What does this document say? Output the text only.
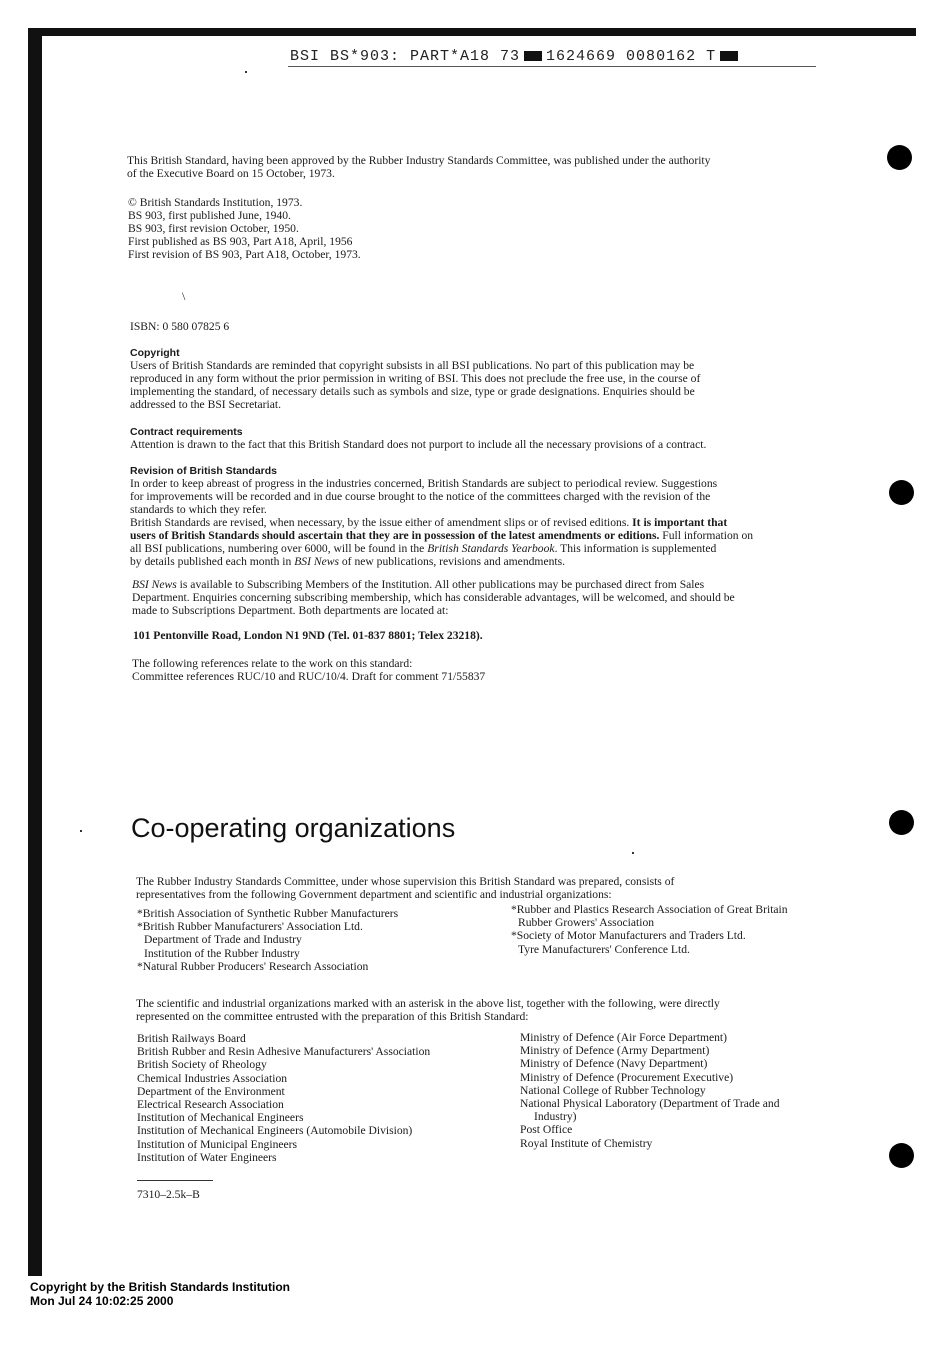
BSI BS*903: PART*A18 73 1624669 0080162 T
This British Standard, having been approved by the Rubber Industry Standards Committee, was published under the authority
of the Executive Board on 15 October, 1973.
© British Standards Institution, 1973.
BS 903, first published June, 1940.
BS 903, first revision October, 1950.
First published as BS 903, Part A18, April, 1956
First revision of BS 903, Part A18, October, 1973.
\
ISBN: 0 580 07825 6
Copyright
Users of British Standards are reminded that copyright subsists in all BSI publications. No part of this publication may be
reproduced in any form without the prior permission in writing of BSI. This does not preclude the free use, in the course of
implementing the standard, of necessary details such as symbols and size, type or grade designations. Enquiries should be
addressed to the BSI Secretariat.
Contract requirements
Attention is drawn to the fact that this British Standard does not purport to include all the necessary provisions of a contract.
Revision of British Standards
In order to keep abreast of progress in the industries concerned, British Standards are subject to periodical review. Suggestions
for improvements will be recorded and in due course brought to the notice of the committees charged with the revision of the
standards to which they refer.
British Standards are revised, when necessary, by the issue either of amendment slips or of revised editions. It is important that
users of British Standards should ascertain that they are in possession of the latest amendments or editions. Full information on
all BSI publications, numbering over 6000, will be found in the British Standards Yearbook. This information is supplemented
by details published each month in BSI News of new publications, revisions and amendments.
BSI News is available to Subscribing Members of the Institution. All other publications may be purchased direct from Sales
Department. Enquiries concerning subscribing membership, which has considerable advantages, will be welcomed, and should be
made to Subscriptions Department. Both departments are located at:
101 Pentonville Road, London N1 9ND (Tel. 01-837 8801; Telex 23218).
The following references relate to the work on this standard:
Committee references RUC/10 and RUC/10/4. Draft for comment 71/55837
Co-operating organizations
The Rubber Industry Standards Committee, under whose supervision this British Standard was prepared, consists of
representatives from the following Government department and scientific and industrial organizations:
*British Association of Synthetic Rubber Manufacturers
*British Rubber Manufacturers' Association Ltd.
Department of Trade and Industry
Institution of the Rubber Industry
*Natural Rubber Producers' Research Association
*Rubber and Plastics Research Association of Great Britain
Rubber Growers' Association
*Society of Motor Manufacturers and Traders Ltd.
Tyre Manufacturers' Conference Ltd.
The scientific and industrial organizations marked with an asterisk in the above list, together with the following, were directly
represented on the committee entrusted with the preparation of this British Standard:
British Railways Board
British Rubber and Resin Adhesive Manufacturers' Association
British Society of Rheology
Chemical Industries Association
Department of the Environment
Electrical Research Association
Institution of Mechanical Engineers
Institution of Mechanical Engineers (Automobile Division)
Institution of Municipal Engineers
Institution of Water Engineers
Ministry of Defence (Air Force Department)
Ministry of Defence (Army Department)
Ministry of Defence (Navy Department)
Ministry of Defence (Procurement Executive)
National College of Rubber Technology
National Physical Laboratory (Department of Trade and
Industry)
Post Office
Royal Institute of Chemistry
7310–2.5k–B
Copyright by the British Standards Institution
Mon Jul 24 10:02:25 2000
